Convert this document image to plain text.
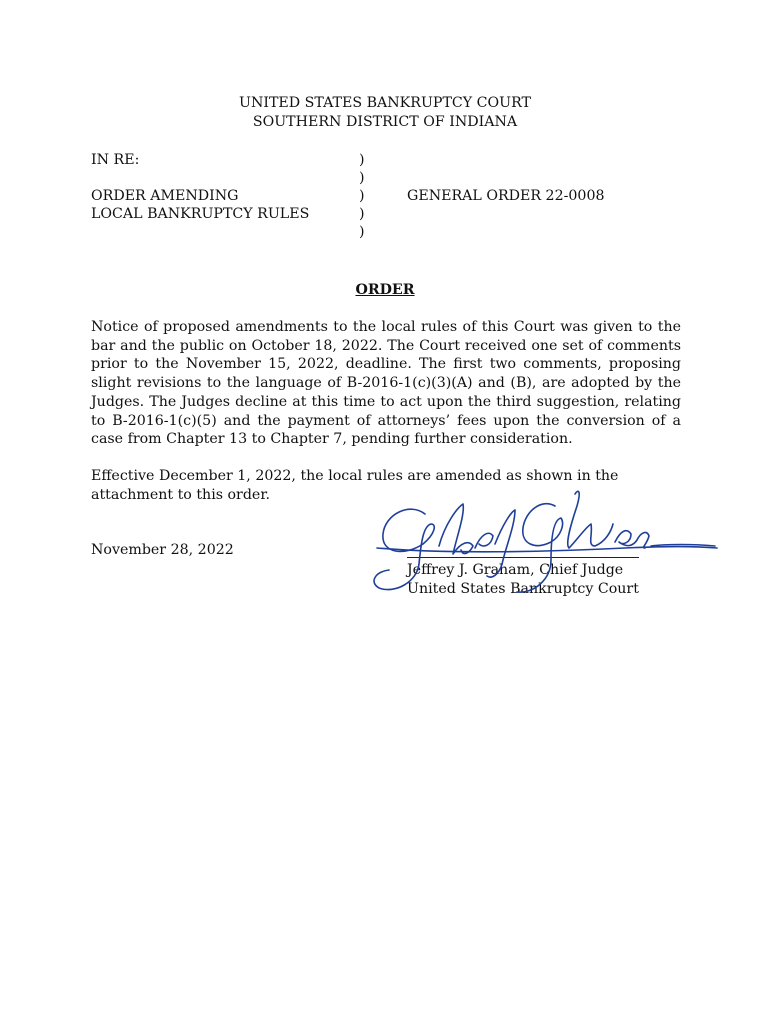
UNITED STATES BANKRUPTCY COURT
SOUTHERN DISTRICT OF INDIANA
IN RE:
ORDER AMENDING
LOCAL BANKRUPTCY RULES
)
)
)
)
)
GENERAL ORDER 22-0008
ORDER
Notice of proposed amendments to the local rules of this Court was given to the bar and the public on October 18, 2022. The Court received one set of comments prior to the November 15, 2022, deadline. The first two comments, proposing slight revisions to the language of B-2016-1(c)(3)(A) and (B), are adopted by the Judges. The Judges decline at this time to act upon the third suggestion, relating to B-2016-1(c)(5) and the payment of attorneys’ fees upon the conversion of a case from Chapter 13 to Chapter 7, pending further consideration.
Effective December 1, 2022, the local rules are amended as shown in the attachment to this order.
November 28, 2022
Jeffrey J. Graham, Chief Judge
United States Bankruptcy Court
